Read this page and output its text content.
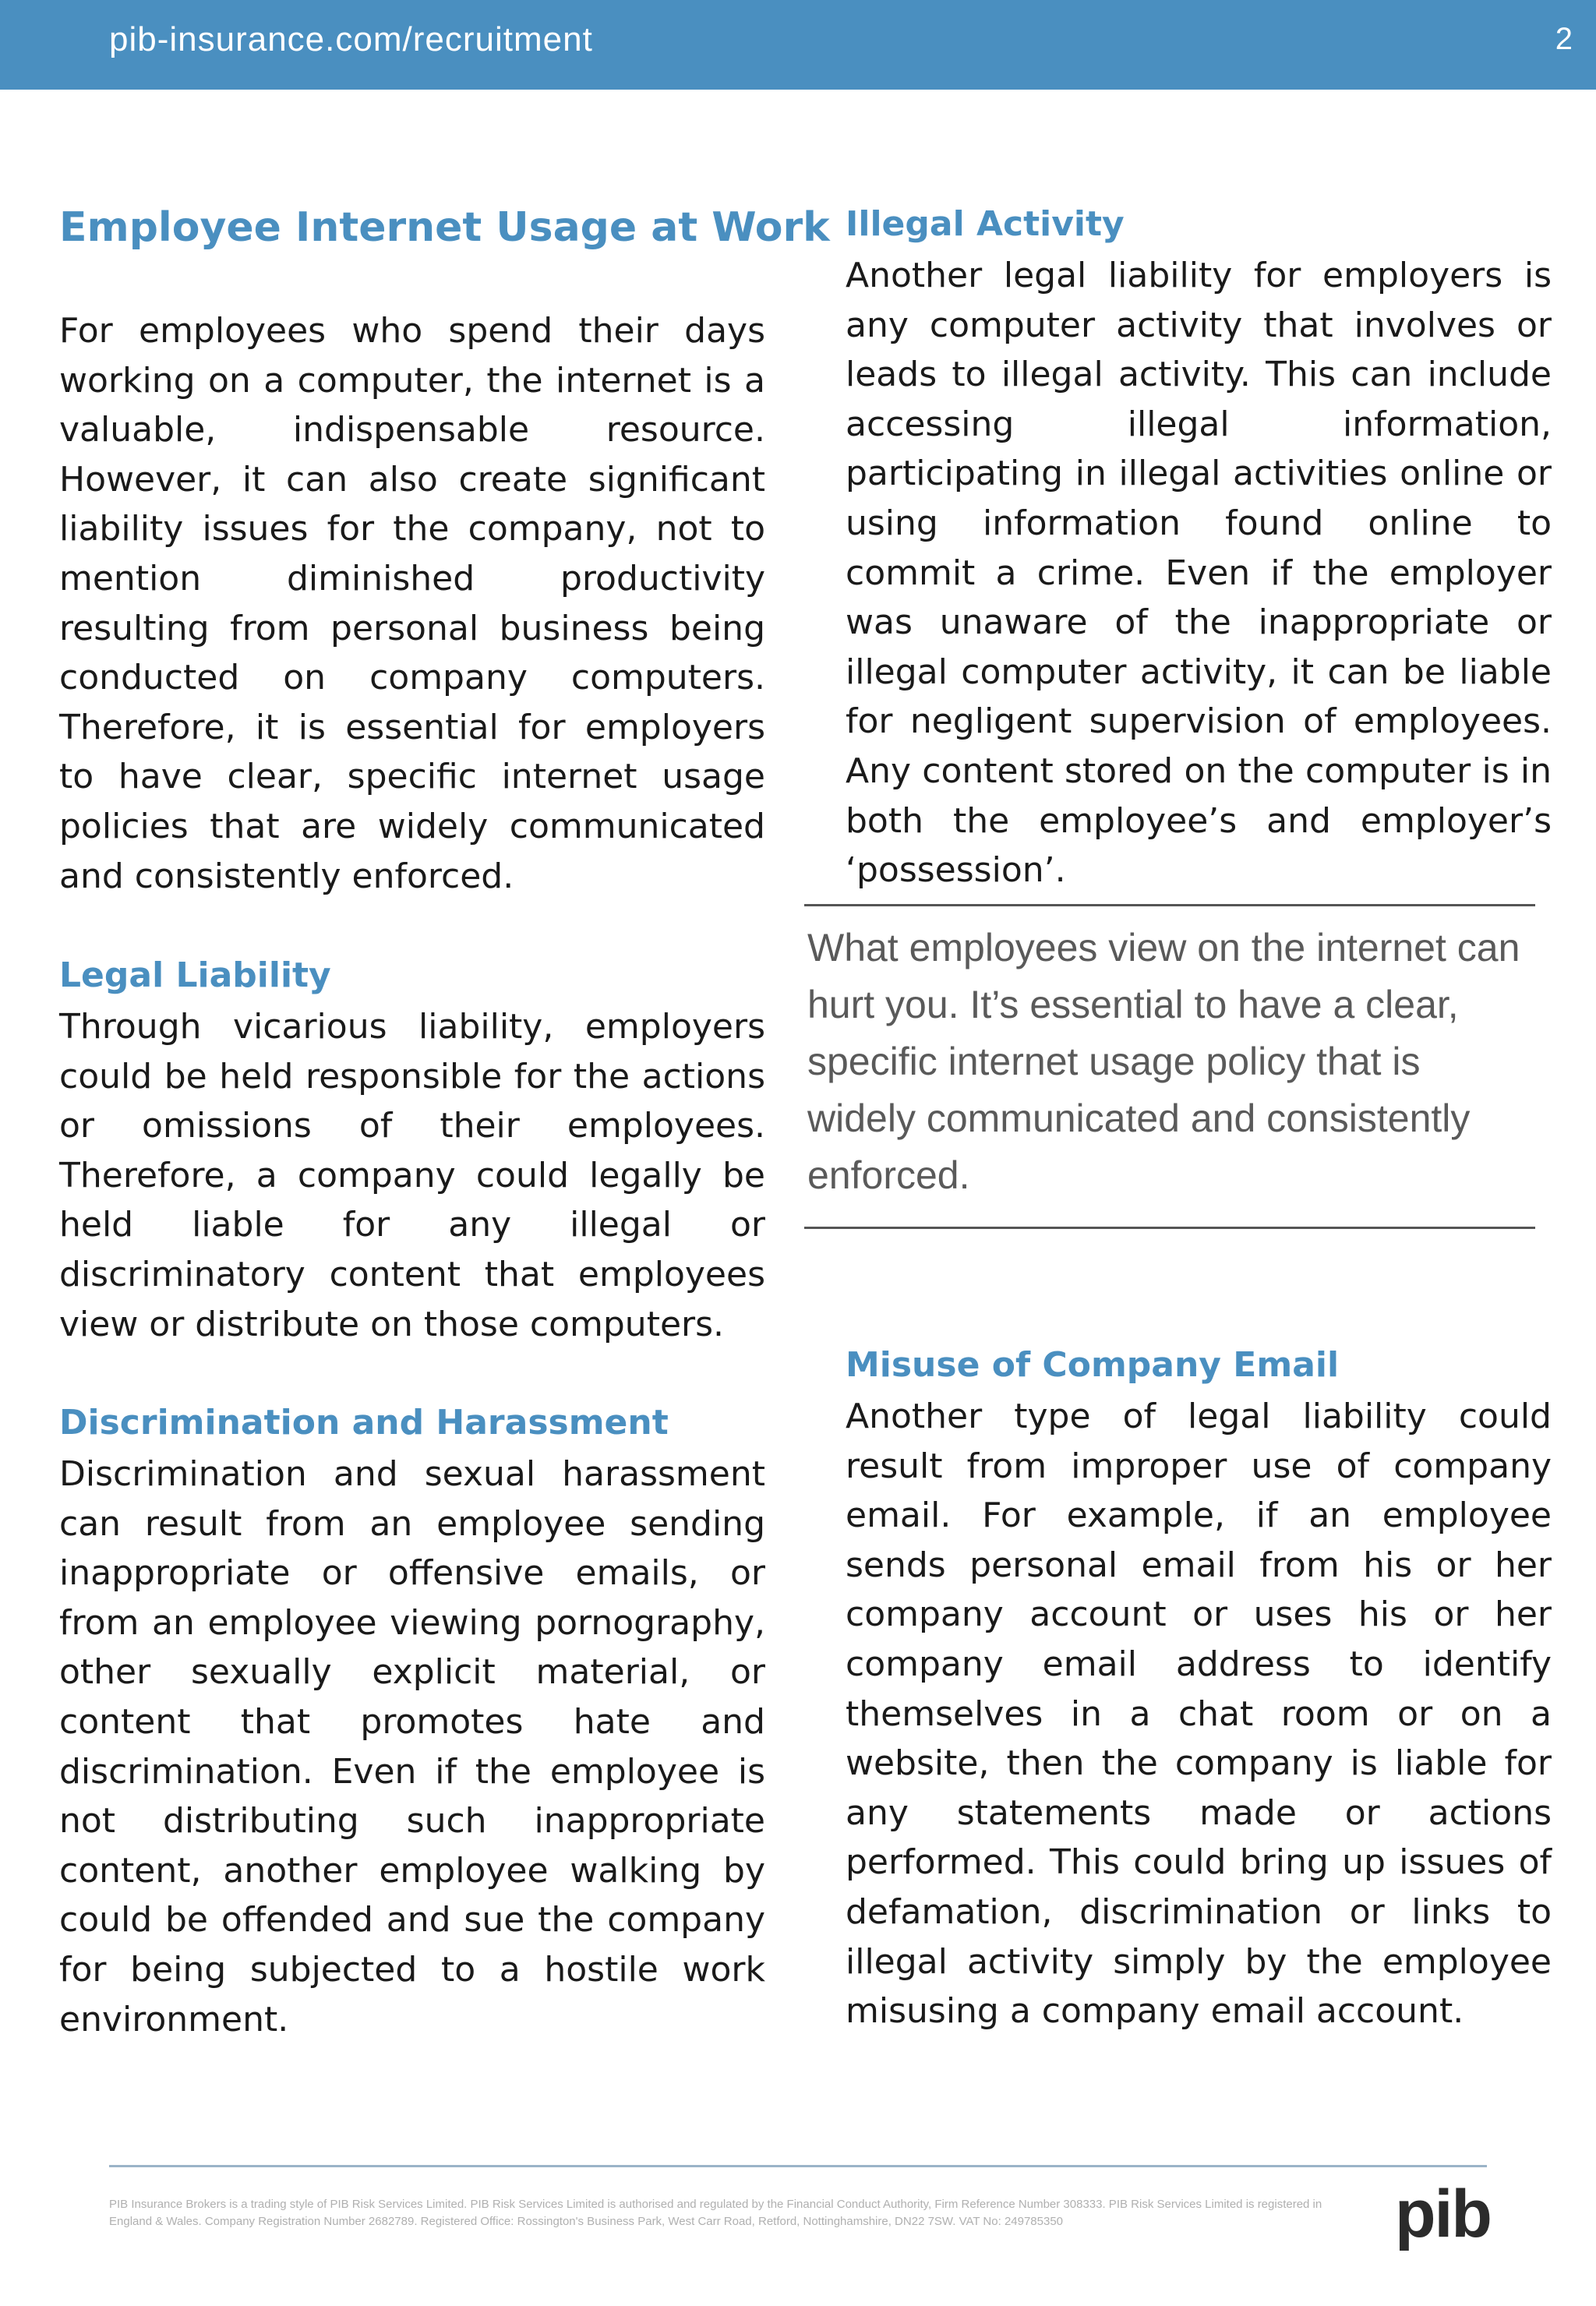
pib-insurance.com/recruitment	2
Employee Internet Usage at Work

For employees who spend their days working on a computer, the internet is a valuable, indispensable resource. However, it can also create significant liability issues for the company, not to mention diminished productivity resulting from personal business being conducted on company computers. Therefore, it is essential for employers to have clear, specific internet usage policies that are widely communicated and consistently enforced.

Legal Liability

Through vicarious liability, employers could be held responsible for the actions or omissions of their employees. Therefore, a company could legally be held liable for any illegal or discriminatory content that employees view or distribute on those computers.

Discrimination and Harassment

Discrimination and sexual harassment can result from an employee sending inappropriate or offensive emails, or from an employee viewing pornography, other sexually explicit material, or content that promotes hate and discrimination. Even if the employee is not distributing such inappropriate content, another employee walking by could be offended and sue the company for being subjected to a hostile work environment.

Illegal Activity

Another legal liability for employers is any computer activity that involves or leads to illegal activity. This can include accessing illegal information, participating in illegal activities online or using information found online to commit a crime. Even if the employer was unaware of the inappropriate or illegal computer activity, it can be liable for negligent supervision of employees. Any content stored on the computer is in both the employee’s and employer’s ‘possession’.

What employees view on the internet can hurt you. It’s essential to have a clear, specific internet usage policy that is widely communicated and consistently enforced.

Misuse of Company Email

Another type of legal liability could result from improper use of company email. For example, if an employee sends personal email from his or her company account or uses his or her company email address to identify themselves in a chat room or on a website, then the company is liable for any statements made or actions performed. This could bring up issues of defamation, discrimination or links to illegal activity simply by the employee misusing a company email account.

PIB Insurance Brokers is a trading style of PIB Risk Services Limited. PIB Risk Services Limited is authorised and regulated by the Financial Conduct Authority, Firm Reference Number 308333. PIB Risk Services Limited is registered in England & Wales. Company Registration Number 2682789. Registered Office: Rossington's Business Park, West Carr Road, Retford, Nottinghamshire, DN22 7SW. VAT No: 249785350	pib
